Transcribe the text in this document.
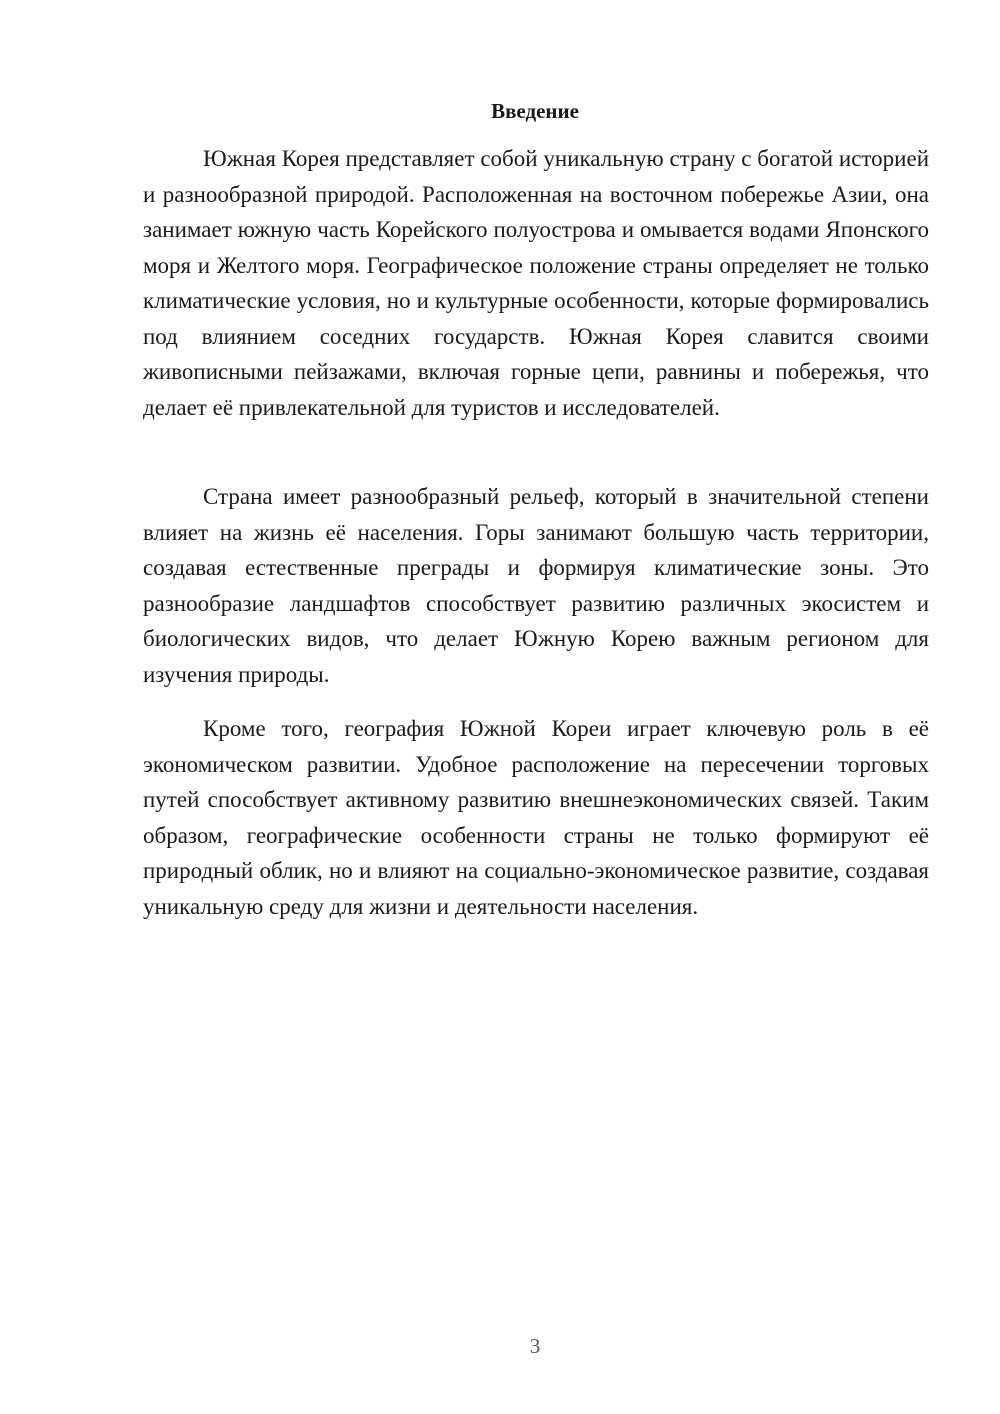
Введение

Южная Корея представляет собой уникальную страну с богатой историей и разнообразной природой. Расположенная на восточном побережье Азии, она занимает южную часть Корейского полуострова и омывается водами Японского моря и Желтого моря. Географическое положение страны определяет не только климатические условия, но и культурные особенности, которые формировались под влиянием соседних государств. Южная Корея славится своими живописными пейзажами, включая горные цепи, равнины и побережья, что делает её привлекательной для туристов и исследователей.

Страна имеет разнообразный рельеф, который в значительной степени влияет на жизнь её населения. Горы занимают большую часть территории, создавая естественные преграды и формируя климатические зоны. Это разнообразие ландшафтов способствует развитию различных экосистем и биологических видов, что делает Южную Корею важным регионом для изучения природы.

Кроме того, география Южной Кореи играет ключевую роль в её экономическом развитии. Удобное расположение на пересечении торговых путей способствует активному развитию внешнеэкономических связей. Таким образом, географические особенности страны не только формируют её природный облик, но и влияют на социально-экономическое развитие, создавая уникальную среду для жизни и деятельности населения.

3
